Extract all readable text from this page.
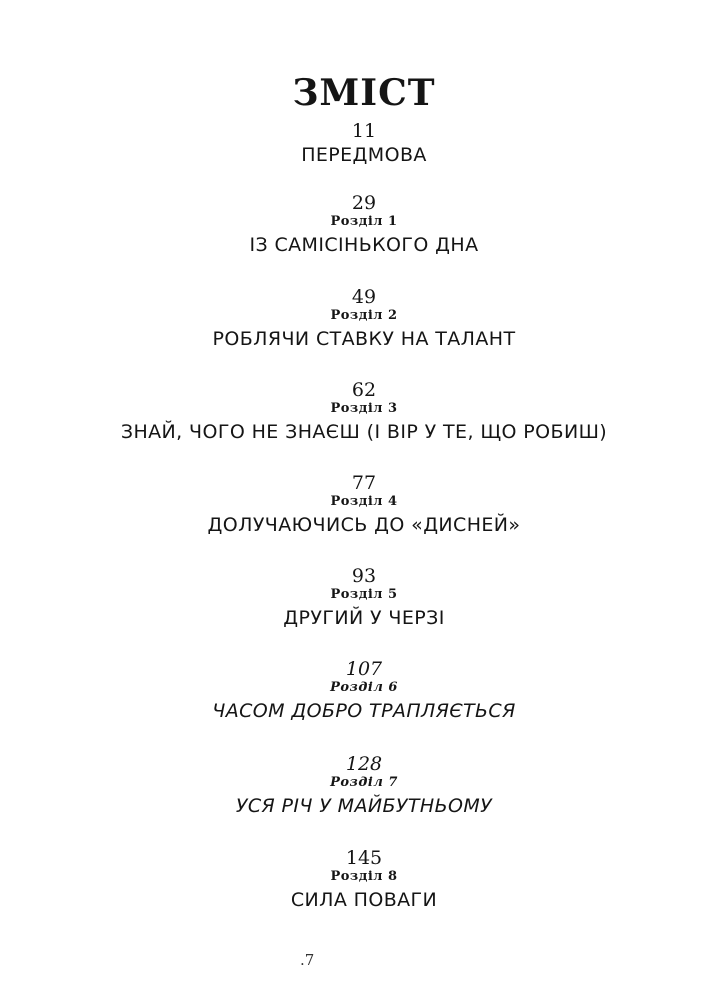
ЗМІСТ
11
ПЕРЕДМОВА
29
Розділ 1
ІЗ САМІСІНЬКОГО ДНА
49
Розділ 2
РОБЛЯЧИ СТАВКУ НА ТАЛАНТ
62
Розділ 3
ЗНАЙ, ЧОГО НЕ ЗНАЄШ (І ВІР У ТЕ, ЩО РОБИШ)
77
Розділ 4
ДОЛУЧАЮЧИСЬ ДО «ДИСНЕЙ»
93
Розділ 5
ДРУГИЙ У ЧЕРЗІ
107
Розділ 6
ЧАСОМ ДОБРО ТРАПЛЯЄТЬСЯ
128
Розділ 7
УСЯ РІЧ У МАЙБУТНЬОМУ
145
Розділ 8
СИЛА ПОВАГИ
.7
